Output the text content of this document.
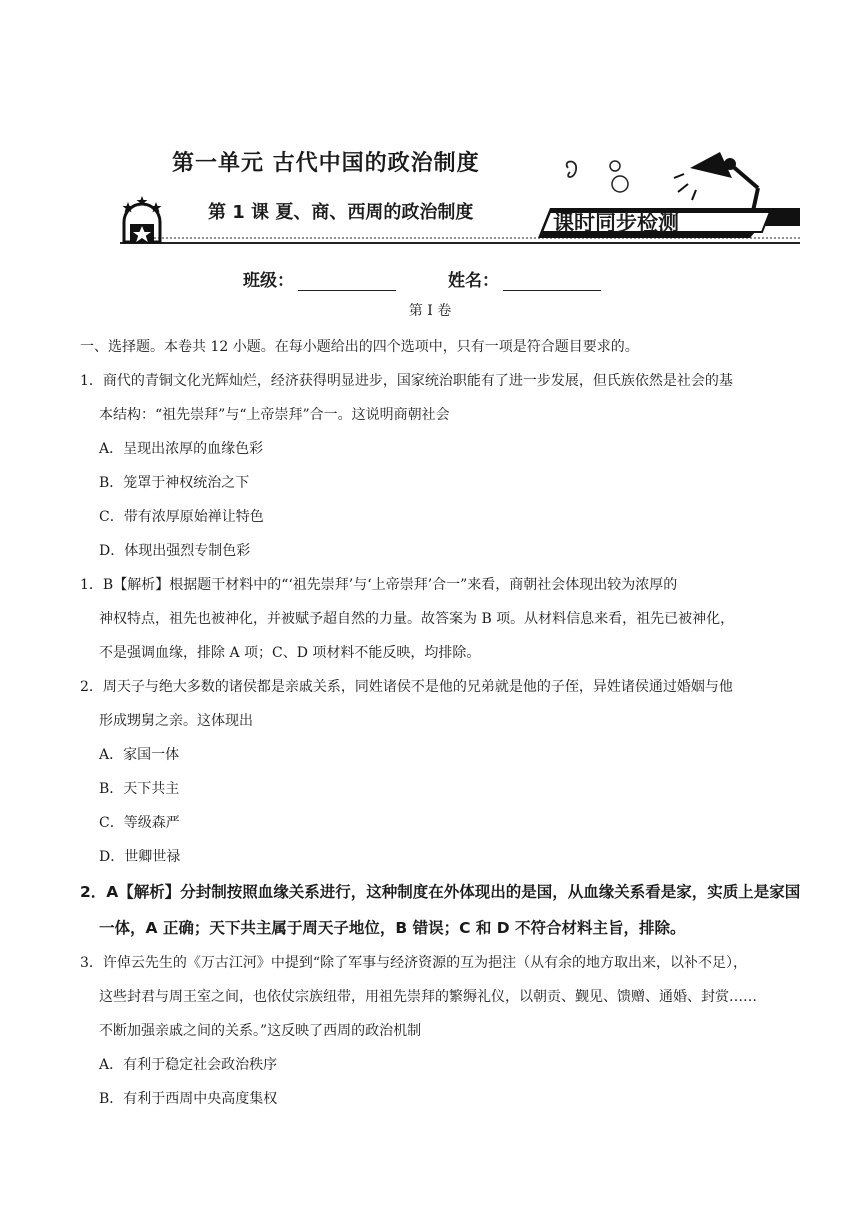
第一单元 古代中国的政治制度
第 1 课 夏、商、西周的政治制度	课时同步检测
班级：	姓名：
第 I 卷
一、选择题。本卷共 12 小题。在每小题给出的四个选项中，只有一项是符合题目要求的。
1．商代的青铜文化光辉灿烂，经济获得明显进步，国家统治职能有了进一步发展，但氏族依然是社会的基
本结构：“祖先崇拜”与“上帝崇拜”合一。这说明商朝社会
A．呈现出浓厚的血缘色彩
B．笼罩于神权统治之下
C．带有浓厚原始禅让特色
D．体现出强烈专制色彩
1．B【解析】根据题干材料中的“‘祖先崇拜’与‘上帝崇拜’合一”来看，商朝社会体现出较为浓厚的
神权特点，祖先也被神化，并被赋予超自然的力量。故答案为 B 项。从材料信息来看，祖先已被神化，
不是强调血缘，排除 A 项；C、D 项材料不能反映，均排除。
2．周天子与绝大多数的诸侯都是亲戚关系，同姓诸侯不是他的兄弟就是他的子侄，异姓诸侯通过婚姻与他
形成甥舅之亲。这体现出
A．家国一体
B．天下共主
C．等级森严
D．世卿世禄
2．A【解析】分封制按照血缘关系进行，这种制度在外体现出的是国，从血缘关系看是家，实质上是家国
一体，A 正确；天下共主属于周天子地位，B 错误；C 和 D 不符合材料主旨，排除。
3．许倬云先生的《万古江河》中提到“除了军事与经济资源的互为挹注（从有余的地方取出来，以补不足），
这些封君与周王室之间，也依仗宗族纽带，用祖先崇拜的繁缛礼仪，以朝贡、觐见、馈赠、通婚、封赏……
不断加强亲戚之间的关系。”这反映了西周的政治机制
A．有利于稳定社会政治秩序
B．有利于西周中央高度集权
